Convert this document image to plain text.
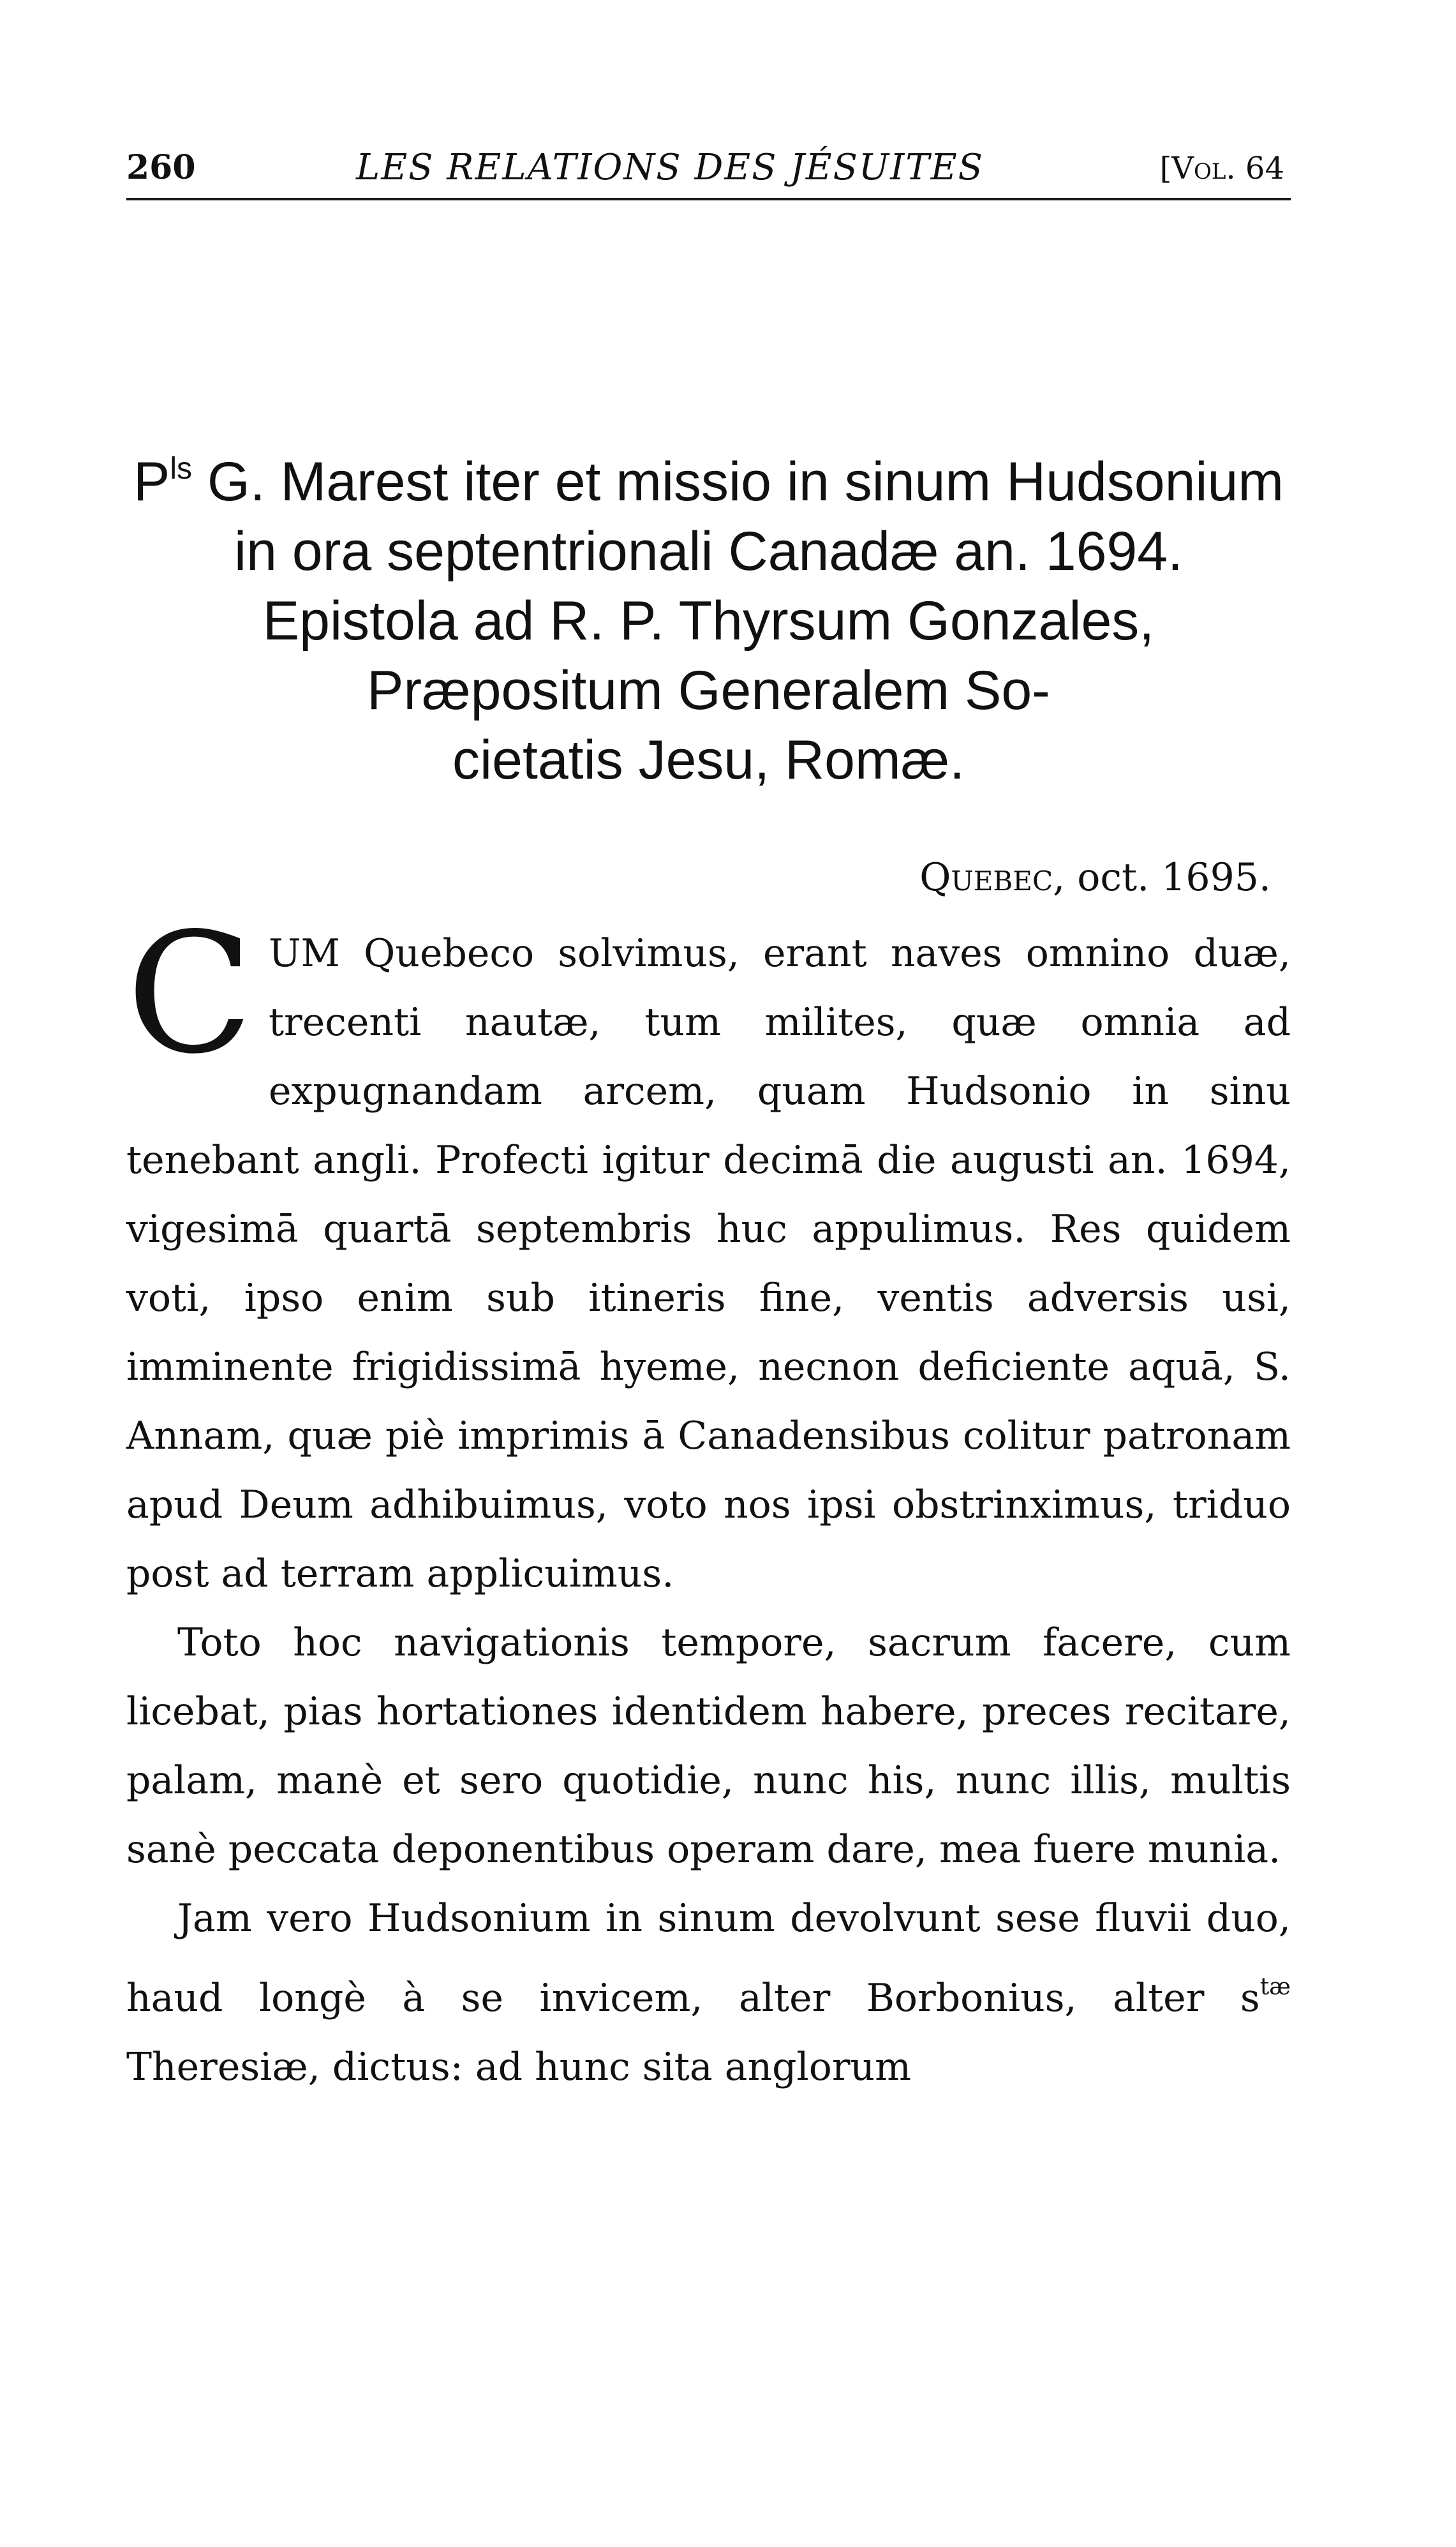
260	LES RELATIONS DES JÉSUITES	[Vol. 64
$P^{ls}$ G. Marest iter et missio in sinum Hudsonium
in ora septentrionali Canadæ an. 1694.
Epistola ad R. P. Thyrsum Gonzales,
Præpositum Generalem So-
cietatis Jesu, Romæ.
Quebec, oct. 1695.

CUM Quebeco solvimus, erant naves omnino duæ, trecenti nautæ, tum milites, quæ omnia ad expugnandam arcem, quam Hudsonio in sinu tenebant angli. Profecti igitur decimā die augusti an. 1694, vigesimā quartā septembris huc appulimus. Res quidem voti, ipso enim sub itineris fine, ventis adversis usi, imminente frigidissimā hyeme, necnon deficiente aquā, S. Annam, quæ piè imprimis ā Canadensibus colitur patronam apud Deum adhibuimus, voto nos ipsi obstrinximus, triduo post ad terram applicuimus.

Toto hoc navigationis tempore, sacrum facere, cum licebat, pias hortationes identidem habere, preces recitare, palam, manè et sero quotidie, nunc his, nunc illis, multis sanè peccata deponentibus operam dare, mea fuere munia.

Jam vero Hudsonium in sinum devolvunt sese fluvii duo, haud longè à se invicem, alter Borbonius, alter $s^{tæ}$ Theresiæ, dictus: ad hunc sita anglorum
